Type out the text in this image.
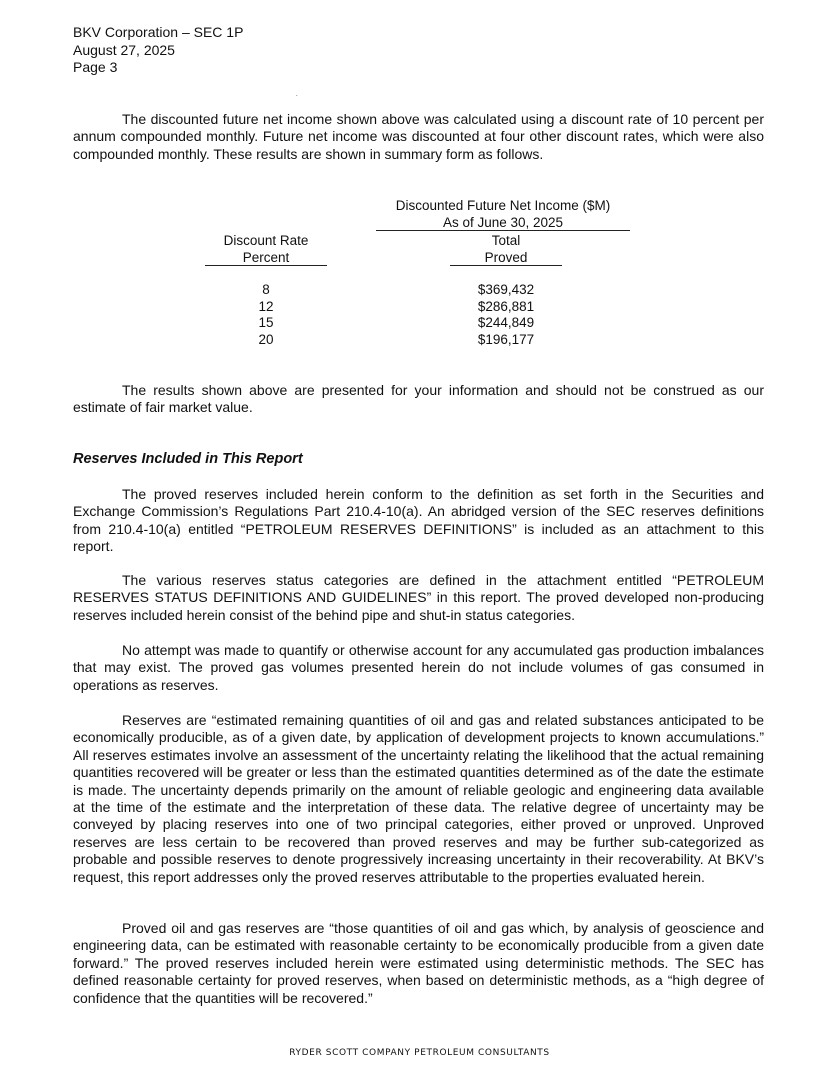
BKV Corporation – SEC 1P
August 27, 2025
Page 3
.

The discounted future net income shown above was calculated using a discount rate of 10 percent per annum compounded monthly. Future net income was discounted at four other discount rates, which were also compounded monthly. These results are shown in summary form as follows.

Discounted Future Net Income ($M)
As of June 30, 2025
Discount Rate
Percent
Total
Proved
8
12
15
20
$369,432
$286,881
$244,849
$196,177

The results shown above are presented for your information and should not be construed as our estimate of fair market value.

Reserves Included in This Report

The proved reserves included herein conform to the definition as set forth in the Securities and Exchange Commission’s Regulations Part 210.4-10(a). An abridged version of the SEC reserves definitions from 210.4-10(a) entitled “PETROLEUM RESERVES DEFINITIONS” is included as an attachment to this report.

The various reserves status categories are defined in the attachment entitled “PETROLEUM RESERVES STATUS DEFINITIONS AND GUIDELINES” in this report. The proved developed non-producing reserves included herein consist of the behind pipe and shut-in status categories.

No attempt was made to quantify or otherwise account for any accumulated gas production imbalances that may exist. The proved gas volumes presented herein do not include volumes of gas consumed in operations as reserves.

Reserves are “estimated remaining quantities of oil and gas and related substances anticipated to be economically producible, as of a given date, by application of development projects to known accumulations.” All reserves estimates involve an assessment of the uncertainty relating the likelihood that the actual remaining quantities recovered will be greater or less than the estimated quantities determined as of the date the estimate is made. The uncertainty depends primarily on the amount of reliable geologic and engineering data available at the time of the estimate and the interpretation of these data. The relative degree of uncertainty may be conveyed by placing reserves into one of two principal categories, either proved or unproved. Unproved reserves are less certain to be recovered than proved reserves and may be further sub-categorized as probable and possible reserves to denote progressively increasing uncertainty in their recoverability. At BKV’s request, this report addresses only the proved reserves attributable to the properties evaluated herein.

Proved oil and gas reserves are “those quantities of oil and gas which, by analysis of geoscience and engineering data, can be estimated with reasonable certainty to be economically producible from a given date forward.” The proved reserves included herein were estimated using deterministic methods. The SEC has defined reasonable certainty for proved reserves, when based on deterministic methods, as a “high degree of confidence that the quantities will be recovered.”

RYDER SCOTT COMPANY PETROLEUM CONSULTANTS
